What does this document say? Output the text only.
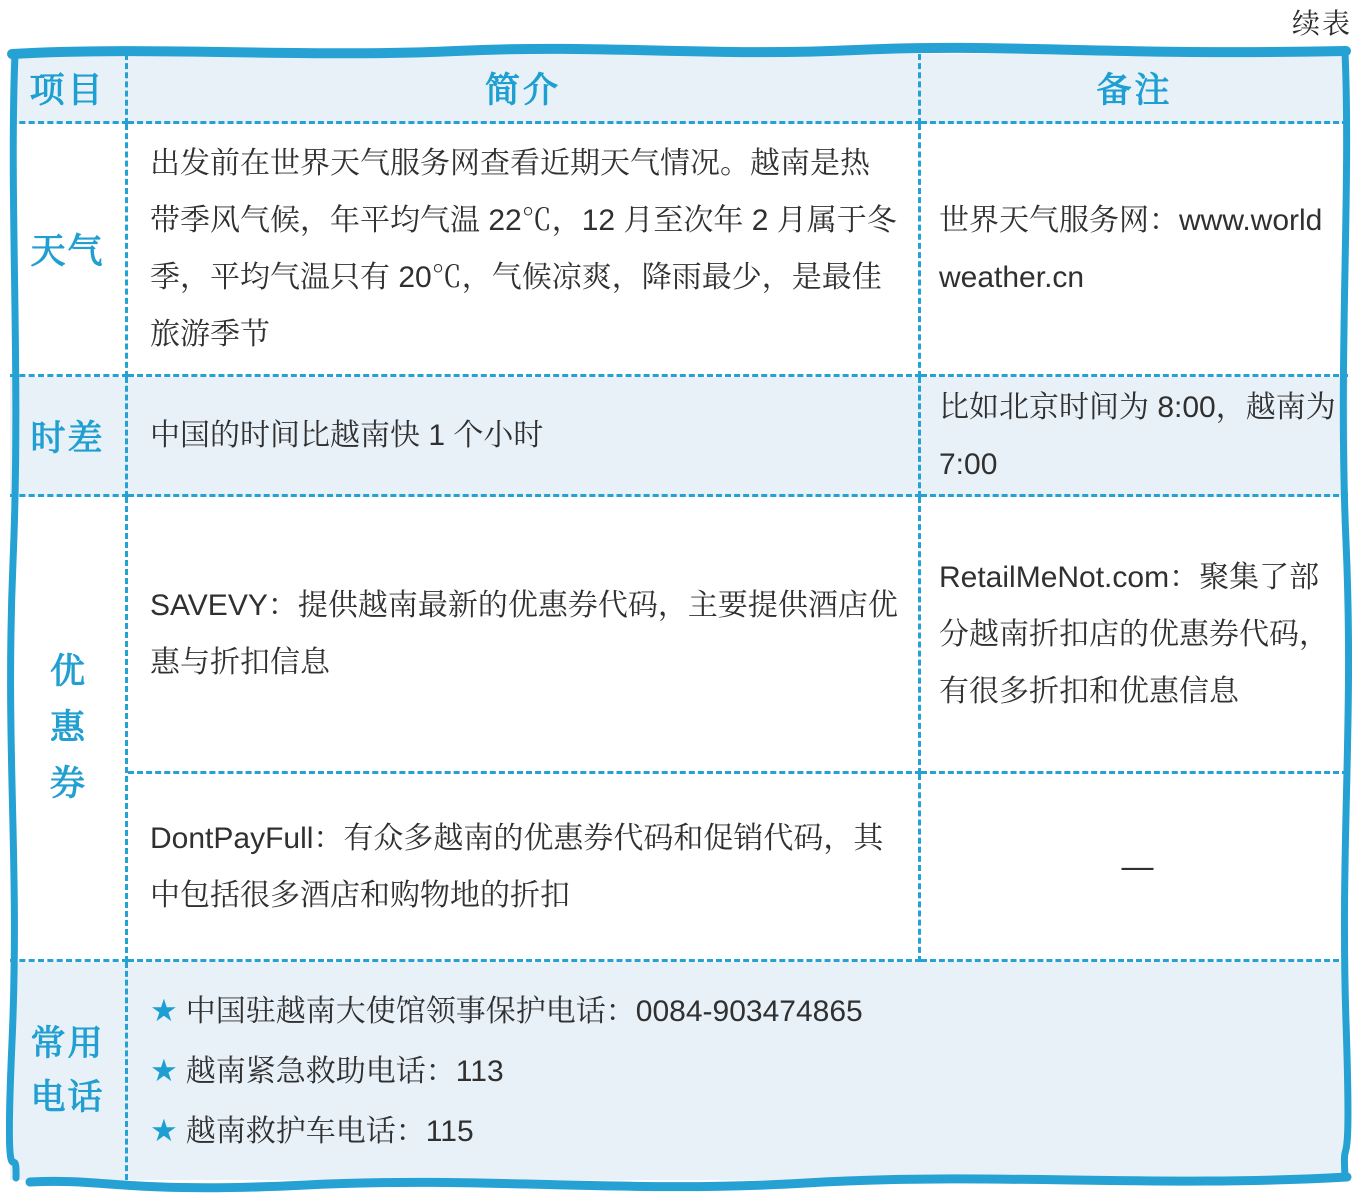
续表
项目	简介	备注
天气
出发前在世界天气服务网查看近期天气情况。越南是热带季风气候，年平均气温 22℃，12 月至次年 2 月属于冬季，平均气温只有 20℃，气候凉爽，降雨最少，是最佳旅游季节
世界天气服务网：www.worldweather.cn
时差 中国的时间比越南快 1 个小时
比如北京时间为 8:00，越南为 7:00
优惠券
SAVEVY：提供越南最新的优惠券代码，主要提供酒店优惠与折扣信息
RetailMeNot.com：聚集了部分越南折扣店的优惠券代码，有很多折扣和优惠信息
DontPayFull：有众多越南的优惠券代码和促销代码，其中包括很多酒店和购物地的折扣
—
常用电话
★ 中国驻越南大使馆领事保护电话：0084-903474865
★ 越南紧急救助电话：113
★ 越南救护车电话：115
